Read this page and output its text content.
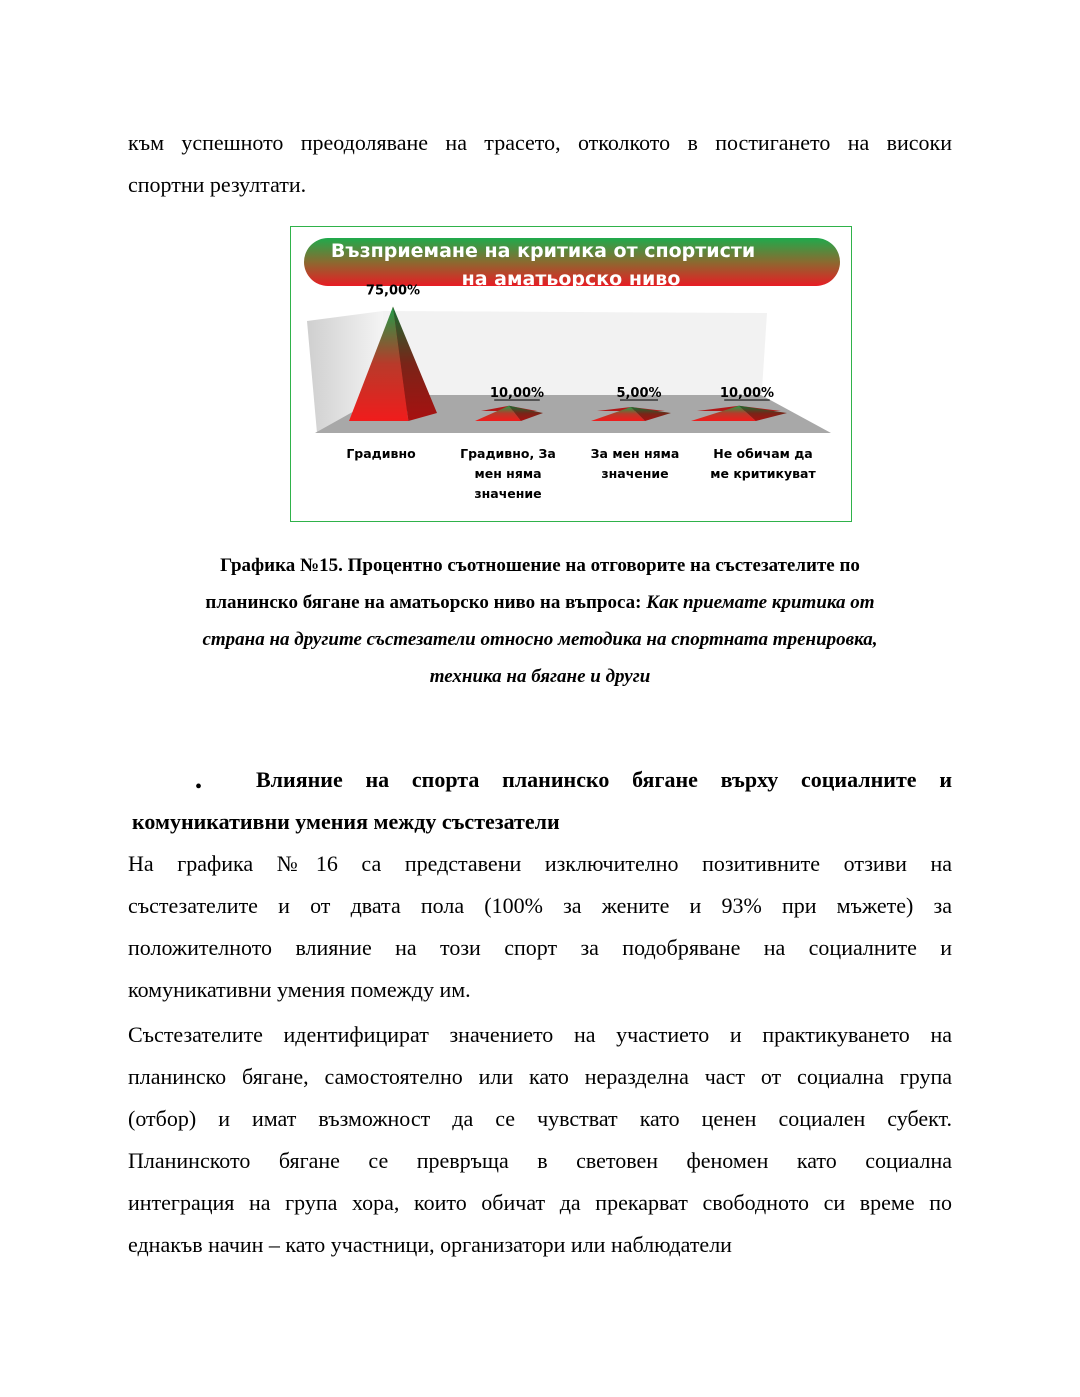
към успешното преодоляване на трасето, отколкото в постигането на високи

спортни резултати.

Възприемане на критика от спортисти
на аматьорско ниво
75,00%
10,00%	5,00%	10,00%
Градивно	Градивно, За
мен няма
значение
За мен няма
значение
Не обичам да
ме критикуват

Графика №15. Процентно съотношение на отговорите на състезателите по

планинско бягане на аматьорско ниво на въпроса: Как приемате критика от

страна на другите състезатели относно методика на спортната тренировка,

техника на бягане и други

• Влияние на спорта планинско бягане върху социалните и

комуникативни умения между състезатели

На графика №16 са представени изключително позитивните отзиви на

състезателите и от двата пола (100% за жените и 93% при мъжете) за

положителното влияние на този спорт за подобряване на социалните и

комуникативни умения помежду им.

Състезателите идентифицират значението на участието и практикуването на

планинско бягане, самостоятелно или като неразделна част от социална група

(отбор) и имат възможност да се чувстват като ценен социален субект.

Планинското бягане се превръща в световен феномен като социална

интеграция на група хора, които обичат да прекарват свободното си време по

еднакъв начин – като участници, организатори или наблюдатели
